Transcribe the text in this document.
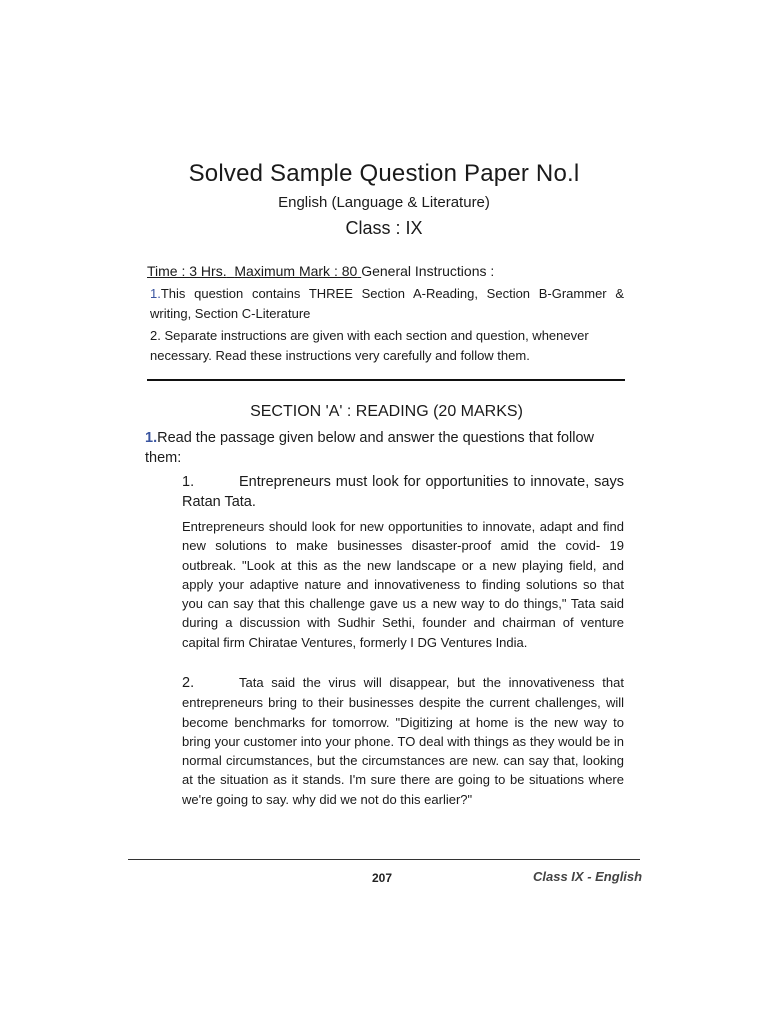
Solved Sample Question Paper No.l
English (Language & Literature)
Class : IX
Time : 3 Hrs. Maximum Mark : 80 General Instructions :
1.This question contains THREE Section A-Reading, Section B-Grammer & writing, Section C-Literature
2. Separate instructions are given with each section and question, whenever necessary. Read these instructions very carefully and follow them.
SECTION 'A' : READING (20 MARKS)
1.Read the passage given below and answer the questions that follow them:
1.	Entrepreneurs must look for opportunities to innovate, says Ratan Tata.
Entrepreneurs should look for new opportunities to innovate, adapt and find new solutions to make businesses disaster-proof amid the covid- 19 outbreak. "Look at this as the new landscape or a new playing field, and apply your adaptive nature and innovativeness to finding solutions so that you can say that this challenge gave us a new way to do things," Tata said during a discussion with Sudhir Sethi, founder and chairman of venture capital firm Chiratae Ventures, formerly I DG Ventures India.
2.	Tata said the virus will disappear, but the innovativeness that entrepreneurs bring to their businesses despite the current challenges, will become benchmarks for tomorrow. "Digitizing at home is the new way to bring your customer into your phone. TO deal with things as they would be in normal circumstances, but the circumstances are new. can say that, looking at the situation as it stands. I'm sure there are going to be situations where we're going to say. why did we not do this earlier?"
207	Class IX - English
